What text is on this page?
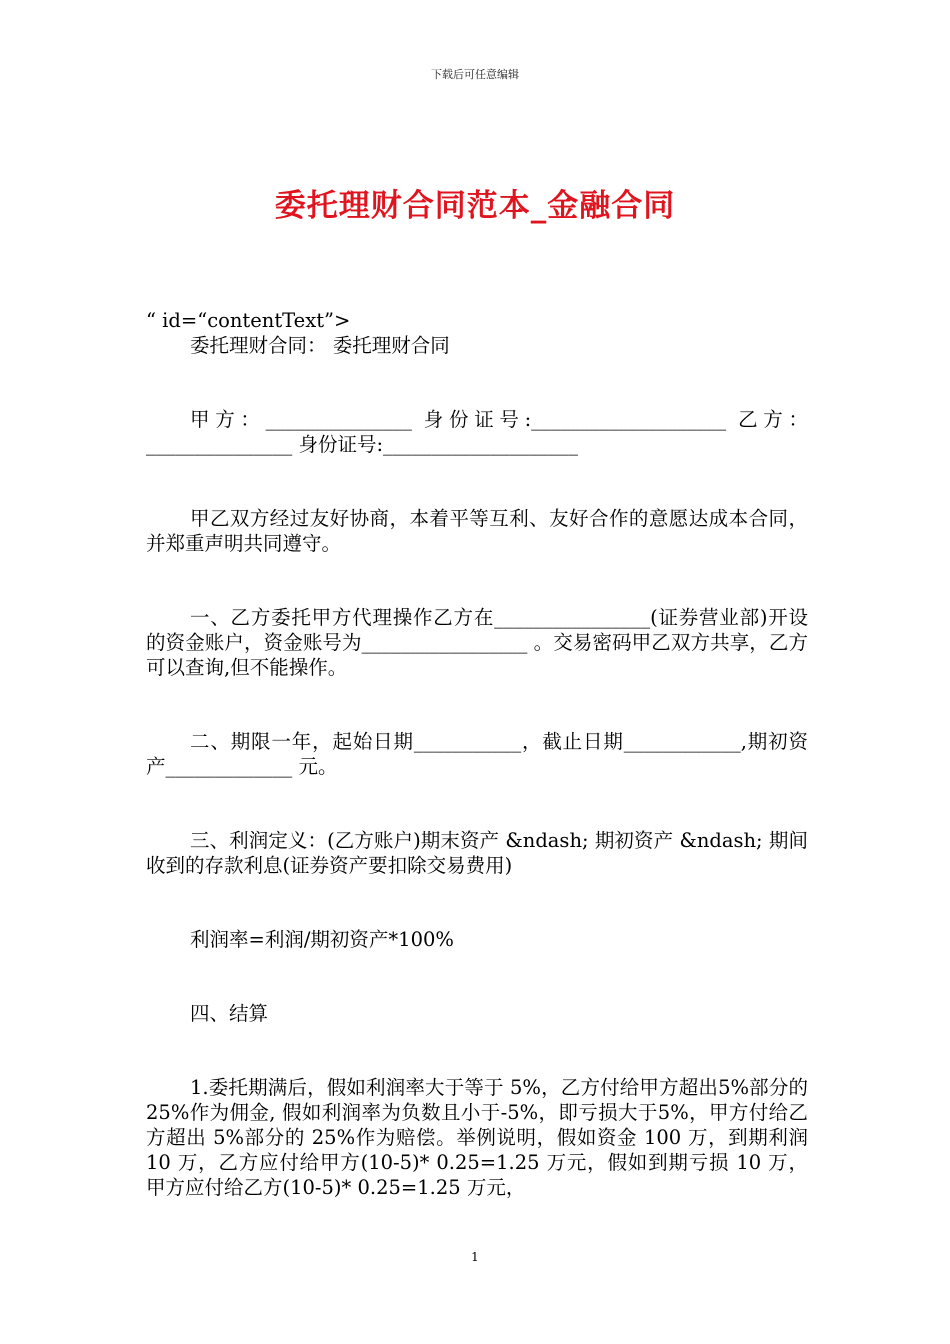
下载后可任意编辑
委托理财合同范本_金融合同

“ id=“contentText”>

委托理财合同： 委托理财合同

甲方：_______________ 身份证号:____________________ 乙方：_______________ 身份证号:____________________

甲乙双方经过友好协商，本着平等互利、友好合作的意愿达成本合同，并郑重声明共同遵守。

一、乙方委托甲方代理操作乙方在________________(证券营业部)开设的资金账户，资金账号为_________________ 。交易密码甲乙双方共享，乙方可以查询,但不能操作。

二、期限一年，起始日期___________，截止日期____________,期初资产_____________ 元。

三、利润定义：(乙方账户)期末资产 &ndash; 期初资产 &ndash; 期间收到的存款利息(证券资产要扣除交易费用)

利润率=利润/期初资产*100%

四、结算

1.委托期满后，假如利润率大于等于 5%，乙方付给甲方超出5%部分的 25%作为佣金, 假如利润率为负数且小于-5%，即亏损大于5%，甲方付给乙方超出 5%部分的 25%作为赔偿。举例说明，假如资金 100 万，到期利润 10 万，乙方应付给甲方(10-5)* 0.25=1.25 万元，假如到期亏损 10 万，甲方应付给乙方(10-5)* 0.25=1.25 万元，

1
